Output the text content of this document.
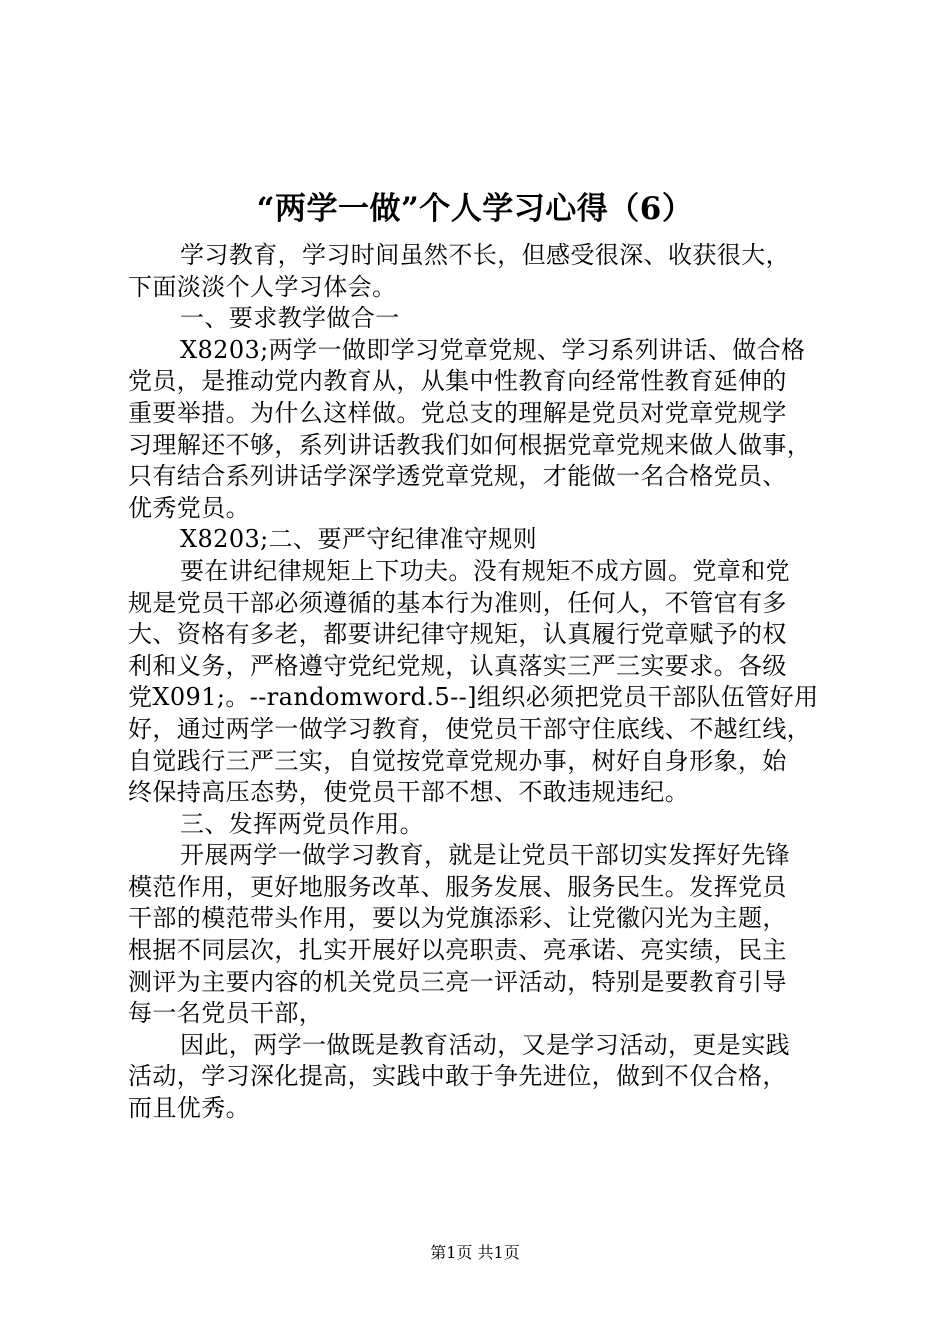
“两学一做”个人学习心得（6）
学习教育，学习时间虽然不长，但感受很深、收获很大，
下面淡淡个人学习体会。
一、要求教学做合一
X8203;两学一做即学习党章党规、学习系列讲话、做合格
党员，是推动党内教育从，从集中性教育向经常性教育延伸的
重要举措。为什么这样做。党总支的理解是党员对党章党规学
习理解还不够，系列讲话教我们如何根据党章党规来做人做事，
只有结合系列讲话学深学透党章党规，才能做一名合格党员、
优秀党员。
X8203;二、要严守纪律准守规则
要在讲纪律规矩上下功夫。没有规矩不成方圆。党章和党
规是党员干部必须遵循的基本行为准则，任何人，不管官有多
大、资格有多老，都要讲纪律守规矩，认真履行党章赋予的权
利和义务，严格遵守党纪党规，认真落实三严三实要求。各级
党X091;。--randomword.5--]组织必须把党员干部队伍管好用
好，通过两学一做学习教育，使党员干部守住底线、不越红线，
自觉践行三严三实，自觉按党章党规办事，树好自身形象，始
终保持高压态势，使党员干部不想、不敢违规违纪。
三、发挥两党员作用。
开展两学一做学习教育，就是让党员干部切实发挥好先锋
模范作用，更好地服务改革、服务发展、服务民生。发挥党员
干部的模范带头作用，要以为党旗添彩、让党徽闪光为主题，
根据不同层次，扎实开展好以亮职责、亮承诺、亮实绩，民主
测评为主要内容的机关党员三亮一评活动，特别是要教育引导
每一名党员干部，
因此，两学一做既是教育活动，又是学习活动，更是实践
活动，学习深化提高，实践中敢于争先进位，做到不仅合格，
而且优秀。
第1页 共1页
